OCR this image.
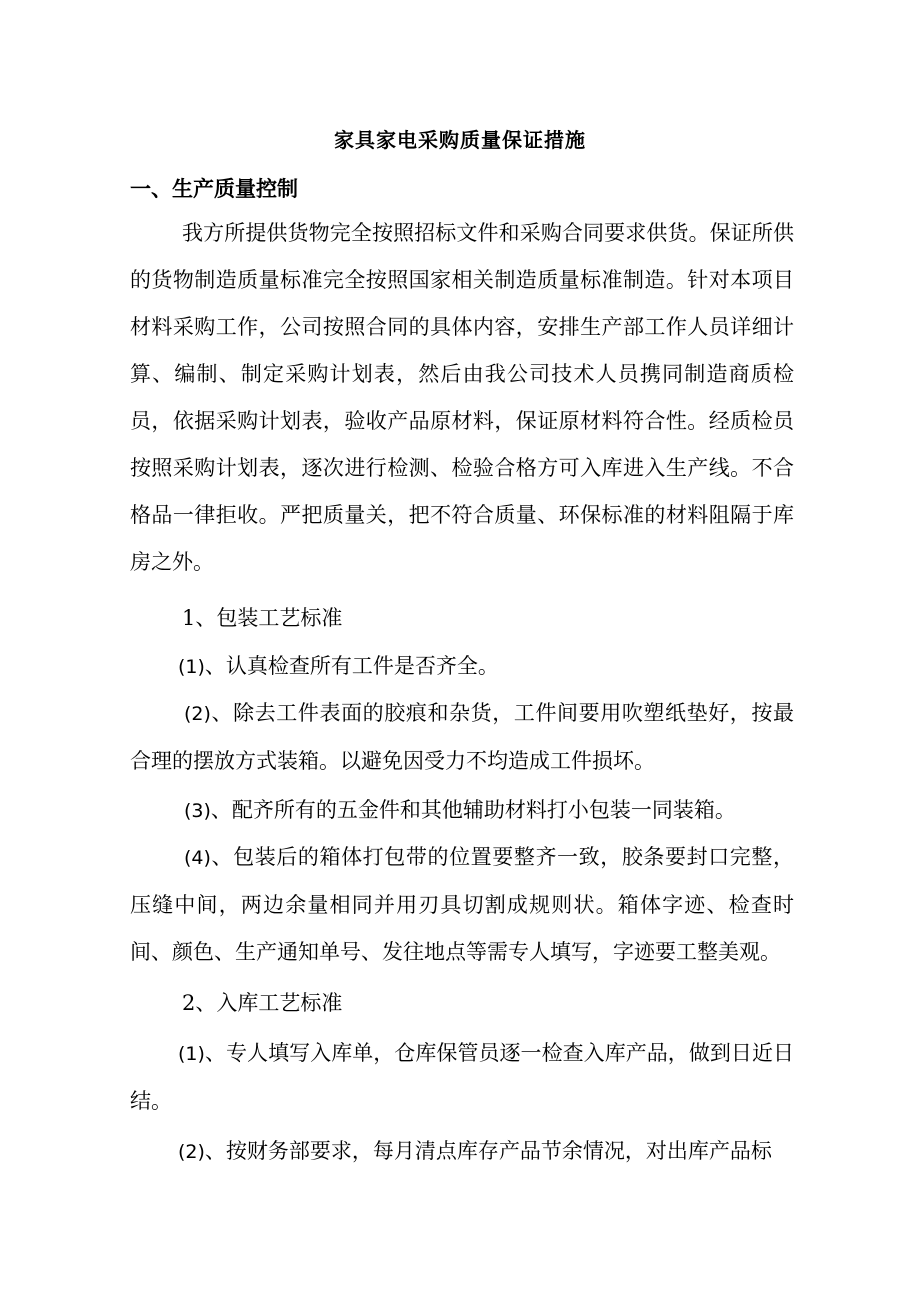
家具家电采购质量保证措施
一、生产质量控制

我方所提供货物完全按照招标文件和采购合同要求供货。保证所供的货物制造质量标准完全按照国家相关制造质量标准制造。针对本项目材料采购工作，公司按照合同的具体内容，安排生产部工作人员详细计算、编制、制定采购计划表，然后由我公司技术人员携同制造商质检员，依据采购计划表，验收产品原材料，保证原材料符合性。经质检员按照采购计划表，逐次进行检测、检验合格方可入库进入生产线。不合格品一律拒收。严把质量关，把不符合质量、环保标准的材料阻隔于库房之外。

1、包装工艺标准

(1)、认真检查所有工件是否齐全。

(2)、除去工件表面的胶痕和杂货，工件间要用吹塑纸垫好，按最合理的摆放方式装箱。以避免因受力不均造成工件损坏。

(3)、配齐所有的五金件和其他辅助材料打小包装一同装箱。

(4)、包装后的箱体打包带的位置要整齐一致，胶条要封口完整，压缝中间，两边余量相同并用刃具切割成规则状。箱体字迹、检查时间、颜色、生产通知单号、发往地点等需专人填写，字迹要工整美观。

2、入库工艺标准

(1)、专人填写入库单，仓库保管员逐一检查入库产品，做到日近日结。

(2)、按财务部要求，每月清点库存产品节余情况，对出库产品标
